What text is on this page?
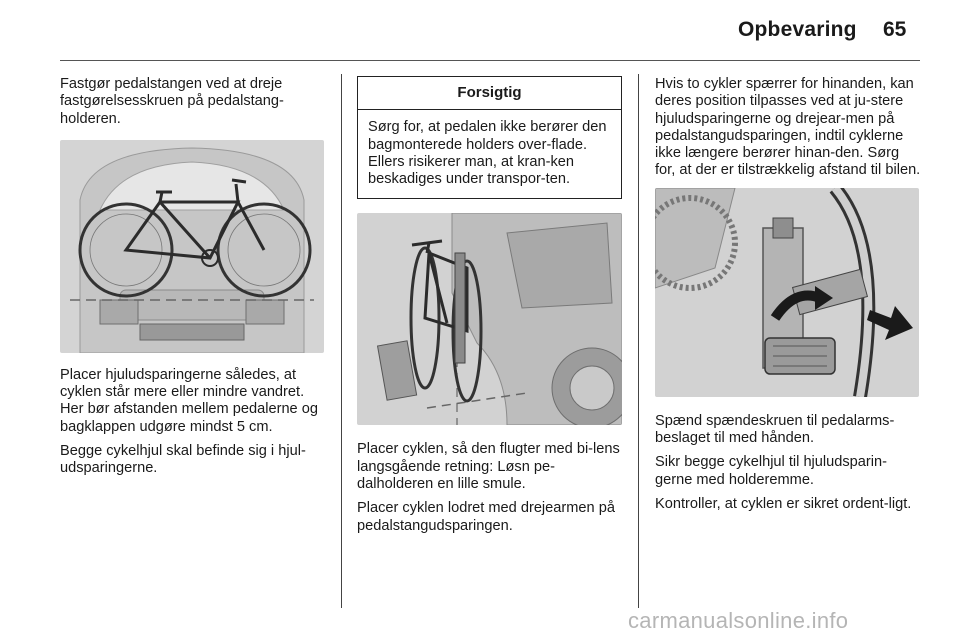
Opbevaring 65

Fastgør pedalstangen ved at dreje fastgørelsesskruen på pedalstang-holderen.

Placer hjuludsparingerne således, at cyklen står mere eller mindre vandret. Her bør afstanden mellem pedalerne og bagklappen udgøre mindst 5 cm.

Begge cykelhjul skal befinde sig i hjul-udsparingerne.

Forsigtig
Sørg for, at pedalen ikke berører den bagmonterede holders over-flade. Ellers risikerer man, at kran-ken beskadiges under transpor-ten.

Placer cyklen, så den flugter med bi-lens langsgående retning: Løsn pe-dalholderen en lille smule.

Placer cyklen lodret med drejearmen på pedalstangudsparingen.

Hvis to cykler spærrer for hinanden, kan deres position tilpasses ved at ju-stere hjuludsparingerne og drejear-men på pedalstangudsparingen, indtil cyklerne ikke længere berører hinan-den. Sørg for, at der er tilstrækkelig afstand til bilen.

Spænd spændeskruen til pedalarms-beslaget til med hånden.

Sikr begge cykelhjul til hjuludsparin-gerne med holderemme.

Kontroller, at cyklen er sikret ordent-ligt.

carmanualsonline.info
